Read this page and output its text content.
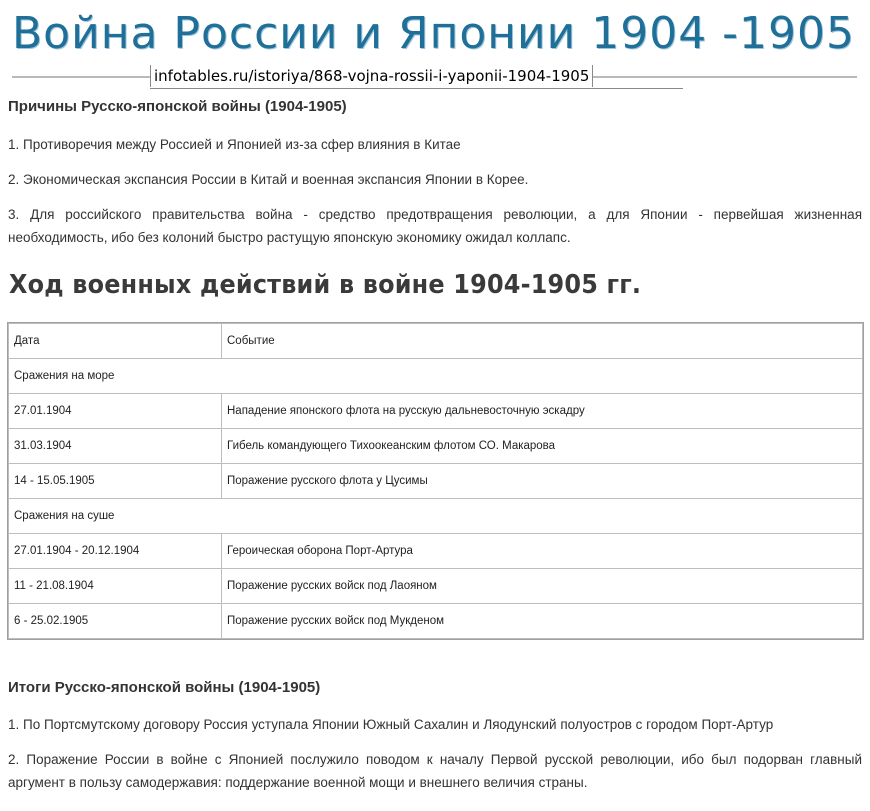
Война России и Японии 1904 -1905
infotables.ru/istoriya/868-vojna-rossii-i-yaponii-1904-1905
Причины Русско-японской войны (1904-1905)
1. Противоречия между Россией и Японией из-за сфер влияния в Китае
2. Экономическая экспансия России в Китай и военная экспансия Японии в Корее.
3. Для российского правительства война - средство предотвращения революции, а для Японии - первейшая жизненная необходимость, ибо без колоний быстро растущую японскую экономику ожидал коллапс.
Ход военных действий в войне 1904-1905 гг.
Дата	Событие
Сражения на море	
27.01.1904	Нападение японского флота на русскую дальневосточную эскадру
31.03.1904	Гибель командующего Тихоокеанским флотом СО. Макарова
14 - 15.05.1905	Поражение русского флота у Цусимы
Сражения на суше	
27.01.1904 - 20.12.1904	Героическая оборона Порт-Артура
11 - 21.08.1904	Поражение русских войск под Лаояном
6 - 25.02.1905	Поражение русских войск под Мукденом
Итоги Русско-японской войны (1904-1905)
1. По Портсмутскому договору Россия уступала Японии Южный Сахалин и Ляодунский полуостров с городом Порт-Артур
2. Поражение России в войне с Японией послужило поводом к началу Первой русской революции, ибо был подорван главный аргумент в пользу самодержавия: поддержание военной мощи и внешнего величия страны.
